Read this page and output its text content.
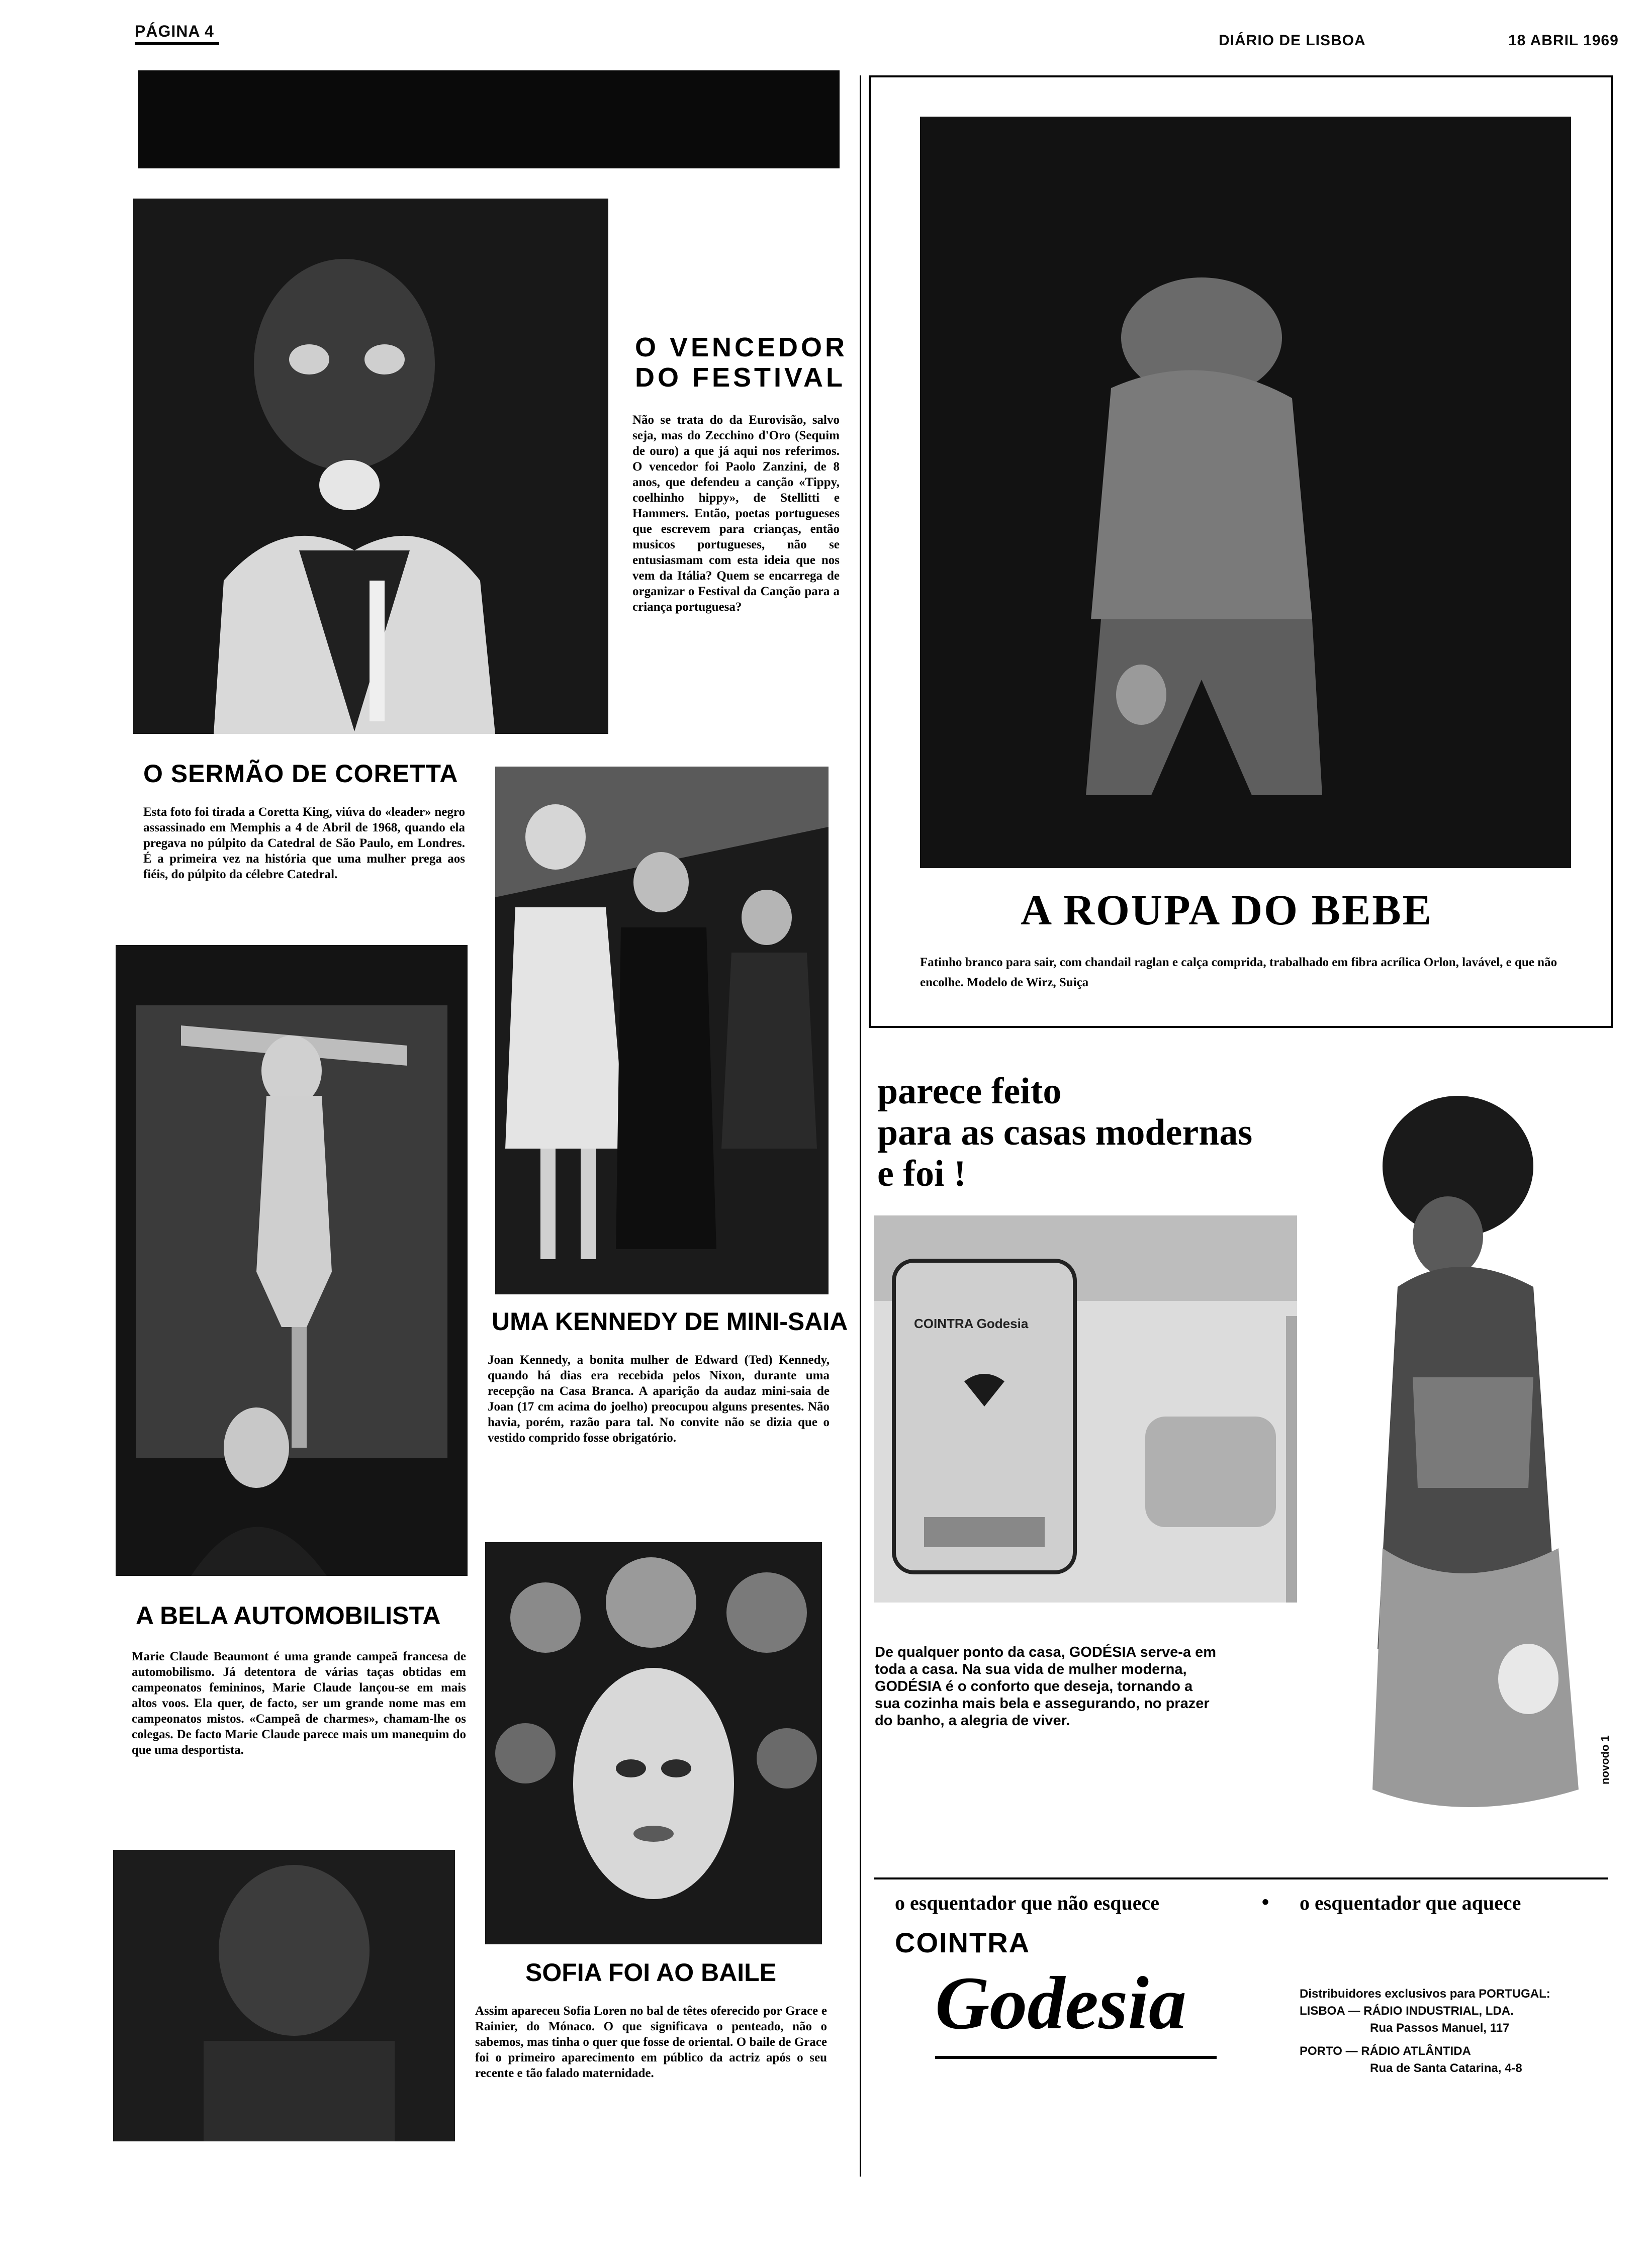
PÁGINA 4
DIÁRIO DE LISBOA	18 ABRIL 1969
O VENCEDOR
DO FESTIVAL
Não se trata do da Eurovisão, salvo seja, mas do Zecchino d'Oro (Sequim de ouro) a que já aqui nos referimos. O vencedor foi Paolo Zanzini, de 8 anos, que defendeu a canção «Tippy, coelhinho hippy», de Stellitti e Hammers. Então, poetas portugueses que escrevem para crianças, então musicos portugueses, não se entusiasmam com esta ideia que nos vem da Itália? Quem se encarrega de organizar o Festival da Canção para a criança portuguesa?
O SERMÃO DE CORETTA
Esta foto foi tirada a Coretta King, viúva do «leader» negro assassinado em Memphis a 4 de Abril de 1968, quando ela pregava no púlpito da Catedral de São Paulo, em Londres. É a primeira vez na história que uma mulher prega aos fiéis, do púlpito da célebre Catedral.
A BELA AUTOMOBILISTA
Marie Claude Beaumont é uma grande campeã francesa de automobilismo. Já detentora de várias taças obtidas em campeonatos femininos, Marie Claude lançou-se em mais altos voos. Ela quer, de facto, ser um grande nome mas em campeonatos mistos. «Campeã de charmes», chamam-lhe os colegas. De facto Marie Claude parece mais um manequim do que uma desportista.
UMA KENNEDY DE MINI-SAIA
Joan Kennedy, a bonita mulher de Edward (Ted) Kennedy, quando há dias era recebida pelos Nixon, durante uma recepção na Casa Branca. A aparição da audaz mini-saia de Joan (17 cm acima do joelho) preocupou alguns presentes. Não havia, porém, razão para tal. No convite não se dizia que o vestido comprido fosse obrigatório.
SOFIA FOI AO BAILE
Assim apareceu Sofia Loren no bal de têtes oferecido por Grace e Rainier, do Mónaco. O que significava o penteado, não o sabemos, mas tinha o quer que fosse de oriental. O baile de Grace foi o primeiro aparecimento em público da actriz após o seu recente e tão falado maternidade.
A ROUPA DO BEBE
Fatinho branco para sair, com chandail raglan e calça comprida, trabalhado em fibra acrílica Orlon, lavável, e que não encolhe. Modelo de Wirz, Suiça
parece feito
para as casas modernas
e foi !
COINTRA Godesia
De qualquer ponto da casa, GODÉSIA serve-a em toda a casa. Na sua vida de mulher moderna, GODÉSIA é o conforto que deseja, tornando a sua cozinha mais bela e assegurando, no prazer do banho, a alegria de viver.
novodo 1
o esquentador que não esquece	• o esquentador que aquece
COINTRA
Godesia	Distribuidores exclusivos para PORTUGAL:
LISBOA — RÁDIO INDUSTRIAL, LDA.
Rua Passos Manuel, 117
PORTO — RÁDIO ATLÂNTIDA
Rua de Santa Catarina, 4-8
